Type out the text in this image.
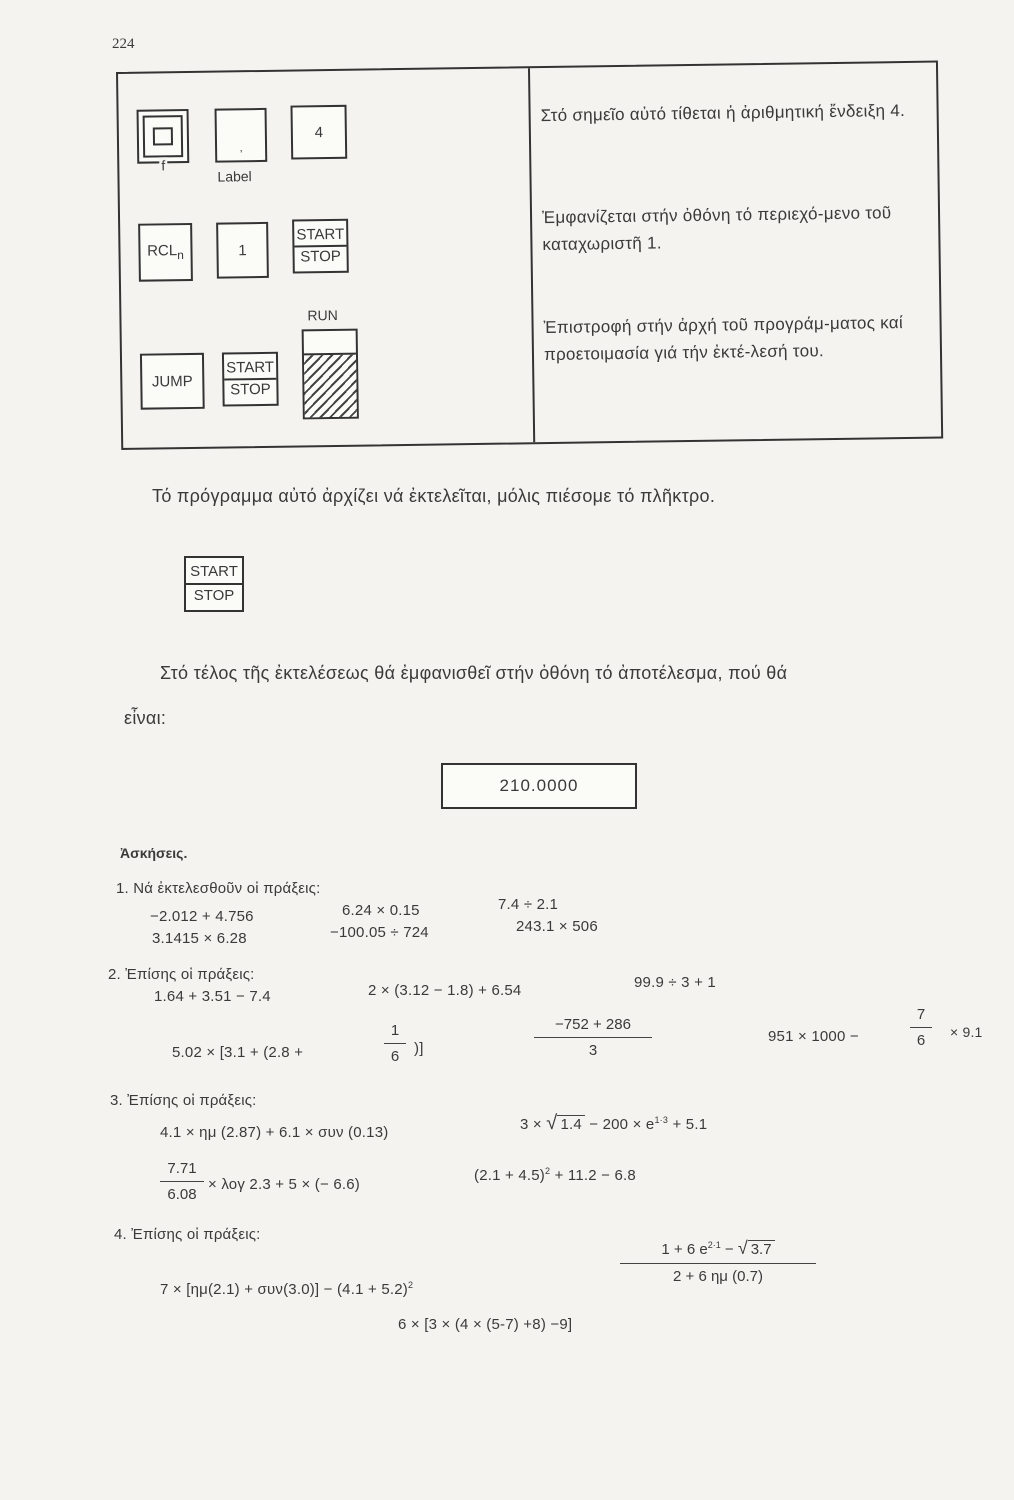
224
f
,
Label
4
$RCL_n$	1
START
STOP
RUN
JUMP
START
STOP
Στό σημεῖο αὐτό τίθεται ἡ ἀριθμητική ἔνδειξη 4.
Ἐμφανίζεται στήν ὀθόνη τό περιεχό-μενο τοῦ καταχωριστῆ 1.
Ἐπιστροφή στήν ἀρχή τοῦ προγράμ-ματος καί προετοιμασία γιά τήν ἐκτέ-λεσή του.
Τό πρόγραμμα αὐτό ἀρχίζει νά ἐκτελεῖται, μόλις πιέσομε τό πλῆκτρο.
START
STOP
Στό τέλος τῆς ἐκτελέσεως θά ἐμφανισθεῖ στήν ὀθόνη τό ἀποτέλεσμα, πού θά
εἶναι:
210.0000
Ἀσκήσεις.
1. Νά ἐκτελεσθοῦν οἱ πράξεις:
−2.012 + 4.756	6.24 × 0.15	7.4 ÷ 2.1
3.1415 × 6.28	−100.05 ÷ 724	243.1 × 506
2. Ἐπίσης οἱ πράξεις:
1.64 + 3.51 − 7.4	2 × (3.12 − 1.8) + 6.54	99.9 ÷ 3 + 1
5.02 × [3.1 + (2.8 +
1
6 )]
−752 + 286
3
951 × 1000 −
7
6	× 9.1
3. Ἐπίσης οἱ πράξεις:
4.1 × ημ (2.87) + 6.1 × συν (0.13)	3 × √ $1.4 - 200 \times e^{1\cdot 3} + 5.1$
7.71
6.08
× λογ 2.3 + 5 × (− 6.6)
$(2.1 + 4.5)^2 + 11.2 - 6.8$
4. Ἐπίσης οἱ πράξεις:
$7 \times [\eta\mu(2.1) + \sigma\upsilon\nu(3.0)] - (4.1 + 5.2)^2$
1 + 6 $e^{2\cdot 1}$ − √ 3.7
2 + 6 ημ (0.7)
6 × [3 × (4 × (5-7) +8) −9]
